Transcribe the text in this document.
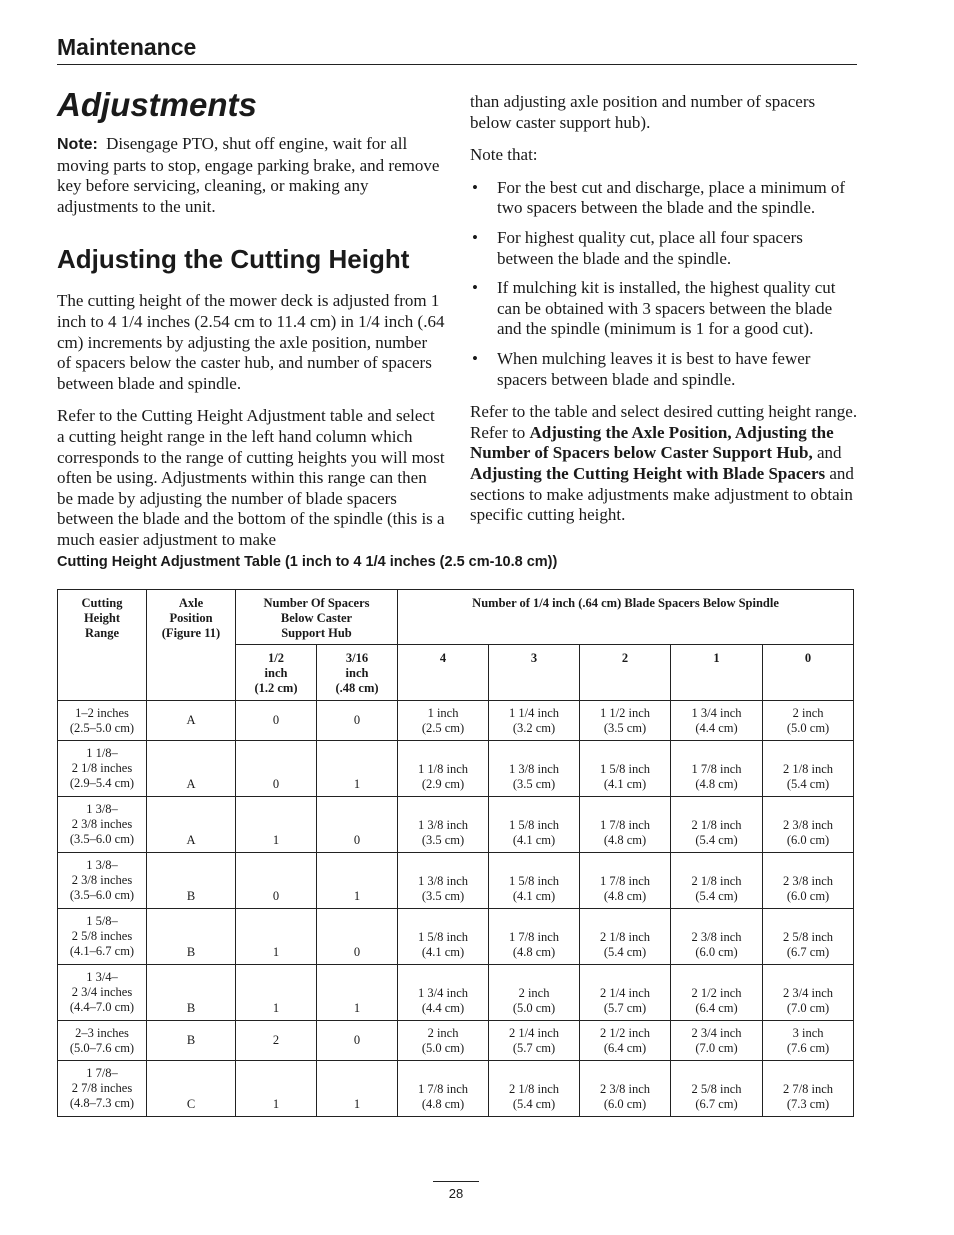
Maintenance
Adjustments

Note: Disengage PTO, shut off engine, wait for all moving parts to stop, engage parking brake, and remove key before servicing, cleaning, or making any adjustments to the unit.

Adjusting the Cutting Height

The cutting height of the mower deck is adjusted from 1 inch to 4 1/4 inches (2.54 cm to 11.4 cm) in 1/4 inch (.64 cm) increments by adjusting the axle position, number of spacers below the caster hub, and number of spacers between blade and spindle.

Refer to the Cutting Height Adjustment table and select a cutting height range in the left hand column which corresponds to the range of cutting heights you will most often be using. Adjustments within this range can then be made by adjusting the number of blade spacers between the blade and the bottom of the spindle (this is a much easier adjustment to make

than adjusting axle position and number of spacers below caster support hub).

Note that:

• For the best cut and discharge, place a minimum of two spacers between the blade and the spindle.
• For highest quality cut, place all four spacers between the blade and the spindle.
• If mulching kit is installed, the highest quality cut can be obtained with 3 spacers between the blade and the spindle (minimum is 1 for a good cut).
• When mulching leaves it is best to have fewer spacers between blade and spindle.

Refer to the table and select desired cutting height range. Refer to Adjusting the Axle Position, Adjusting the Number of Spacers below Caster Support Hub, and Adjusting the Cutting Height with Blade Spacers and sections to make adjustments make adjustment to obtain specific cutting height.

Cutting Height Adjustment Table (1 inch to 4 1/4 inches (2.5 cm-10.8 cm))
Cutting
Height
Range	Axle
Position
(Figure 11)	Number Of Spacers
Below Caster
Support Hub		Number of 1/4 inch (.64 cm) Blade Spacers Below Spindle				

		1/2
inch
(1.2 cm)	3/16
inch
(.48 cm)	4	3	2	1	0

1–2 inches
(2.5–5.0 cm)	A	0	0	1 inch
(2.5 cm)	1 1/4 inch
(3.2 cm)	1 1/2 inch
(3.5 cm)	1 3/4 inch
(4.4 cm)	2 inch
(5.0 cm)

1 1/8–
2 1/8 inches
(2.9–5.4 cm)	A	0	1	1 1/8 inch
(2.9 cm)	1 3/8 inch
(3.5 cm)	1 5/8 inch
(4.1 cm)	1 7/8 inch
(4.8 cm)	2 1/8 inch
(5.4 cm)

1 3/8–
2 3/8 inches
(3.5–6.0 cm)	A	1	0	1 3/8 inch
(3.5 cm)	1 5/8 inch
(4.1 cm)	1 7/8 inch
(4.8 cm)	2 1/8 inch
(5.4 cm)	2 3/8 inch
(6.0 cm)

1 3/8–
2 3/8 inches
(3.5–6.0 cm)	B	0	1	1 3/8 inch
(3.5 cm)	1 5/8 inch
(4.1 cm)	1 7/8 inch
(4.8 cm)	2 1/8 inch
(5.4 cm)	2 3/8 inch
(6.0 cm)

1 5/8–
2 5/8 inches
(4.1–6.7 cm)	B	1	0	1 5/8 inch
(4.1 cm)	1 7/8 inch
(4.8 cm)	2 1/8 inch
(5.4 cm)	2 3/8 inch
(6.0 cm)	2 5/8 inch
(6.7 cm)

1 3/4–
2 3/4 inches
(4.4–7.0 cm)	B	1	1	1 3/4 inch
(4.4 cm)	2 inch
(5.0 cm)	2 1/4 inch
(5.7 cm)	2 1/2 inch
(6.4 cm)	2 3/4 inch
(7.0 cm)

2–3 inches
(5.0–7.6 cm)	B	2	0	2 inch
(5.0 cm)	2 1/4 inch
(5.7 cm)	2 1/2 inch
(6.4 cm)	2 3/4 inch
(7.0 cm)	3 inch
(7.6 cm)

1 7/8–
2 7/8 inches
(4.8–7.3 cm)	C	1	1	1 7/8 inch
(4.8 cm)	2 1/8 inch
(5.4 cm)	2 3/8 inch
(6.0 cm)	2 5/8 inch
(6.7 cm)	2 7/8 inch
(7.3 cm)
28
